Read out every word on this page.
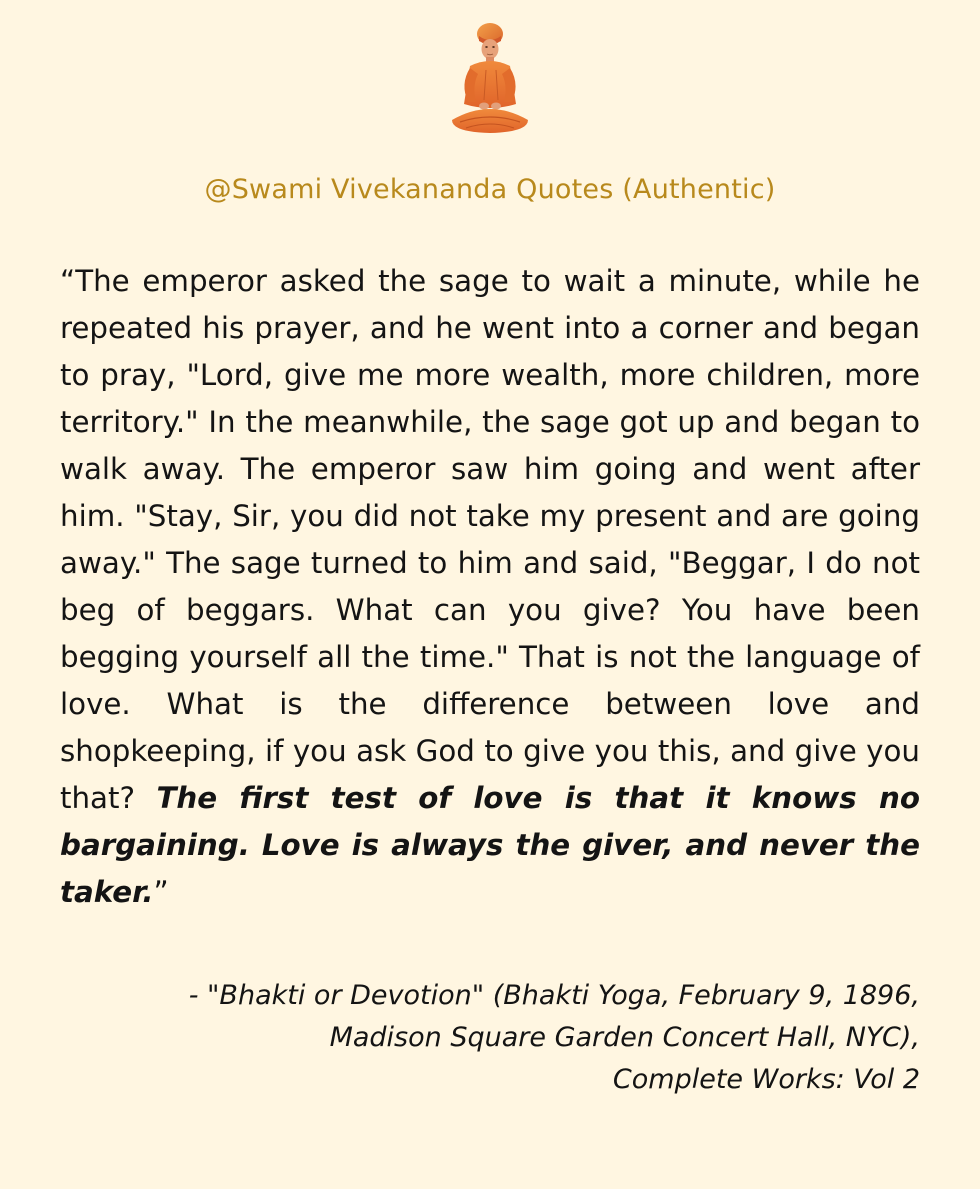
@Swami Vivekananda Quotes (Authentic)

“The emperor asked the sage to wait a minute, while he repeated his prayer, and he went into a corner and began to pray, "Lord, give me more wealth, more children, more territory." In the meanwhile, the sage got up and began to walk away. The emperor saw him going and went after him. "Stay, Sir, you did not take my present and are going away." The sage turned to him and said, "Beggar, I do not beg of beggars. What can you give? You have been begging yourself all the time." That is not the language of love. What is the difference between love and shopkeeping, if you ask God to give you this, and give you that? The first test of love is that it knows no bargaining. Love is always the giver, and never the taker.”

- "Bhakti or Devotion" (Bhakti Yoga, February 9, 1896,
Madison Square Garden Concert Hall, NYC),
Complete Works: Vol 2
